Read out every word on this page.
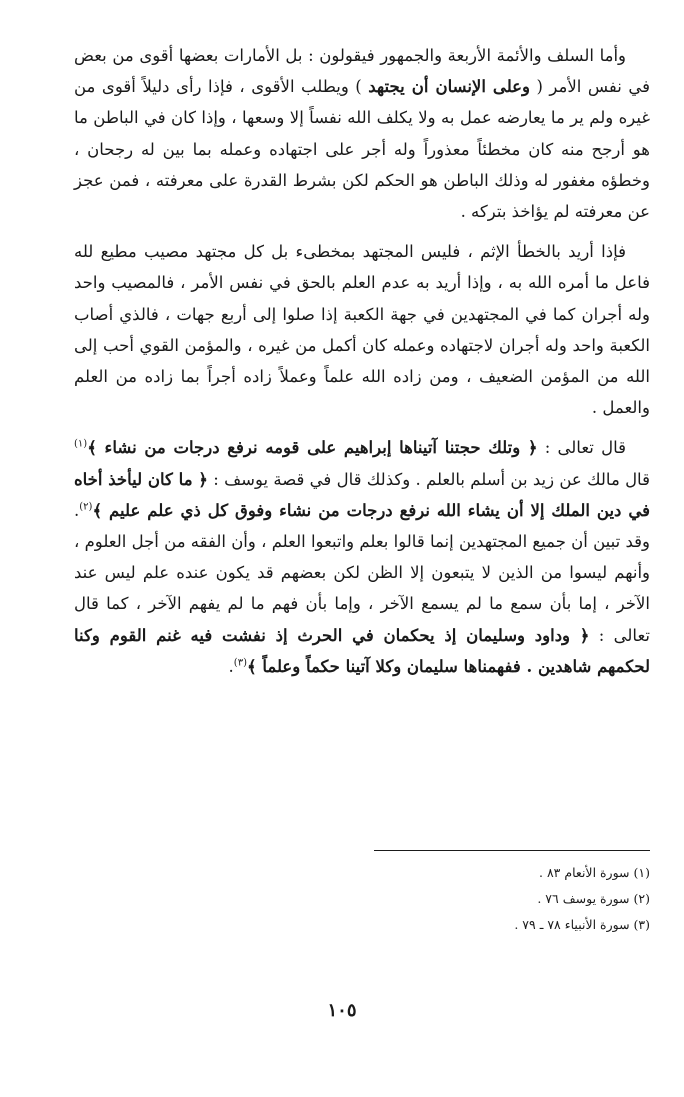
وأما السلف والأئمة الأربعة والجمهور فيقولون : بل الأمارات بعضها أقوى من بعض في نفس الأمر ( وعلى الإنسان أن يجتهد ) ويطلب الأقوى ، فإذا رأى دليلاً أقوى من غيره ولم ير ما يعارضه عمل به ولا يكلف الله نفساً إلا وسعها ، وإذا كان في الباطن ما هو أرجح منه كان مخطئاً معذوراً وله أجر على اجتهاده وعمله بما بين له رجحان ، وخطؤه مغفور له وذلك الباطن هو الحكم لكن بشرط القدرة على معرفته ، فمن عجز عن معرفته لم يؤاخذ بتركه .

فإذا أريد بالخطأ الإثم ، فليس المجتهد بمخطىء بل كل مجتهد مصيب مطيع لله فاعل ما أمره الله به ، وإذا أريد به عدم العلم بالحق في نفس الأمر ، فالمصيب واحد وله أجران كما في المجتهدين في جهة الكعبة إذا صلوا إلى أربع جهات ، فالذي أصاب الكعبة واحد وله أجران لاجتهاده وعمله كان أكمل من غيره ، والمؤمن القوي أحب إلى الله من المؤمن الضعيف ، ومن زاده الله علماً وعملاً زاده أجراً بما زاده من العلم والعمل .

قال تعالى : ﴿ وتلك حجتنا آتيناها إبراهيم على قومه نرفع درجات من نشاء ﴾$^{(١)}$ قال مالك عن زيد بن أسلم بالعلم . وكذلك قال في قصة يوسف : ﴿ ما كان ليأخذ أخاه في دين الملك إلا أن يشاء الله نرفع درجات من نشاء وفوق كل ذي علم عليم ﴾$^{(٢)}$. وقد تبين أن جميع المجتهدين إنما قالوا بعلم واتبعوا العلم ، وأن الفقه من أجل العلوم ، وأنهم ليسوا من الذين لا يتبعون إلا الظن لكن بعضهم قد يكون عنده علم ليس عند الآخر ، إما بأن سمع ما لم يسمع الآخر ، وإما بأن فهم ما لم يفهم الآخر ، كما قال تعالى : ﴿ وداود وسليمان إذ يحكمان في الحرث إذ نفشت فيه غنم القوم وكنا لحكمهم شاهدين . ففهمناها سليمان وكلا آتينا حكماً وعلماً ﴾$^{(٣)}$.

(١) سورة الأنعام ٨٣ .

(٢) سورة يوسف ٧٦ .

(٣) سورة الأنبياء ٧٨ ـ ٧٩ .

١٠٥
